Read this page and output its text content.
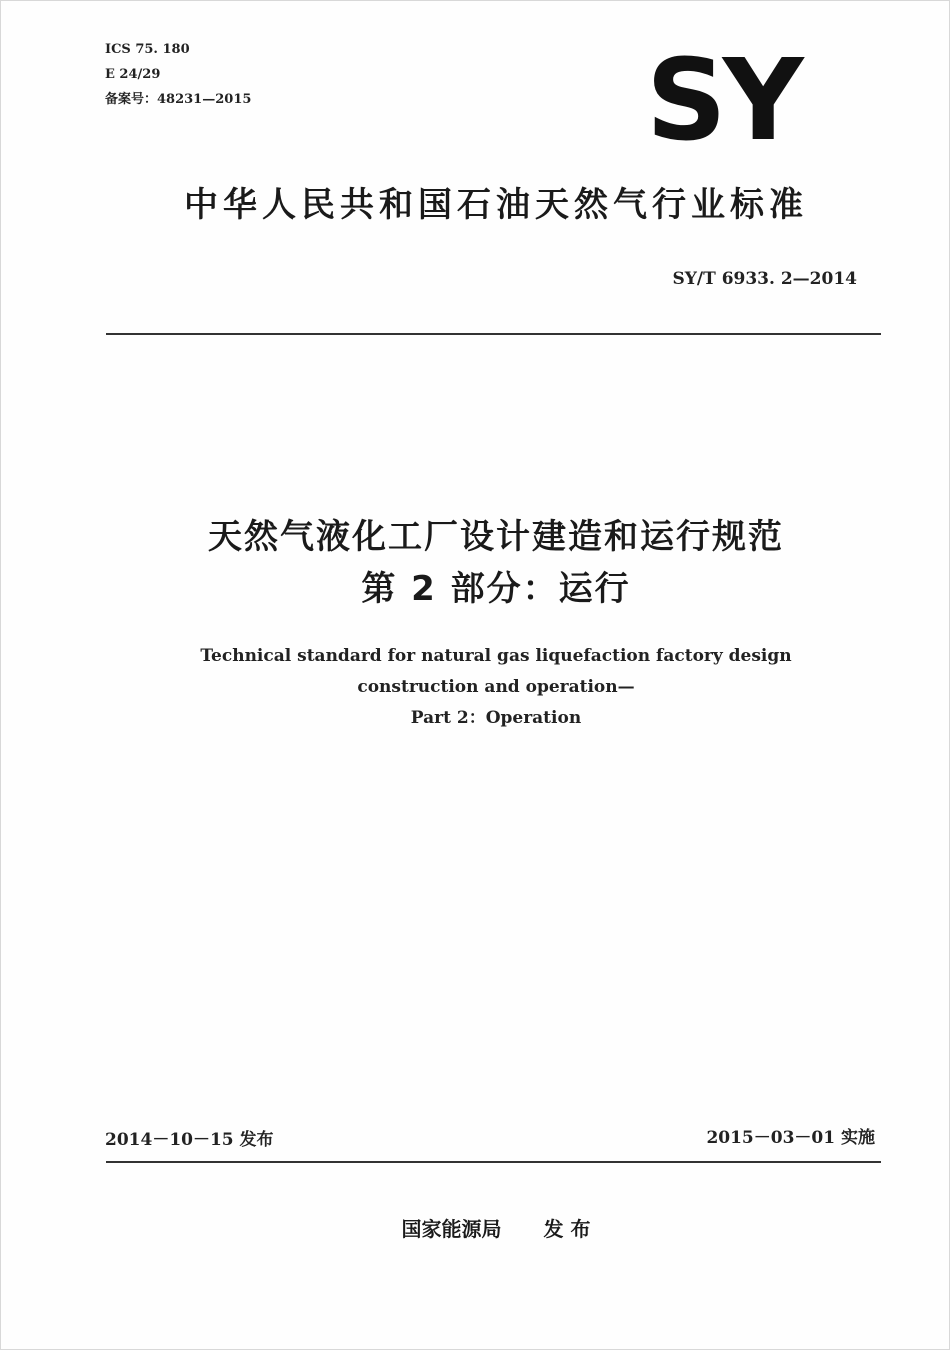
ICS 75. 180
E 24/29
备案号：48231—2015	SY
中华人民共和国石油天然气行业标准
SY/T 6933. 2—2014
天然气液化工厂设计建造和运行规范
第 2 部分：运行
Technical standard for natural gas liquefaction factory design
construction and operation—
Part 2：Operation
2014－10－15 发布	2015－03－01 实施
国家能源局 发 布
